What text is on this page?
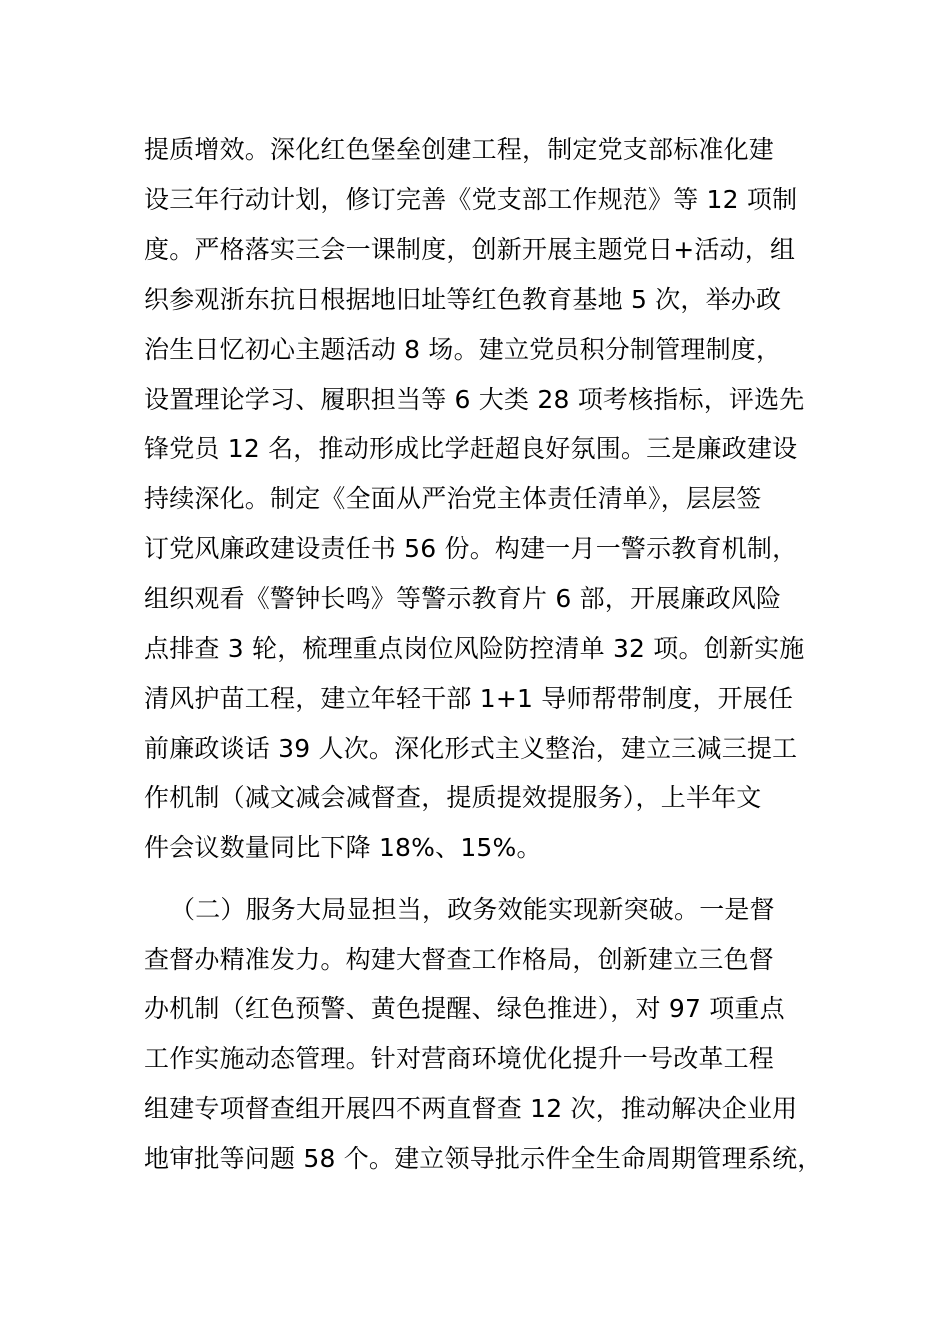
提质增效。深化红色堡垒创建工程，制定党支部标准化建
设三年行动计划，修订完善《党支部工作规范》等 12 项制
度。严格落实三会一课制度，创新开展主题党日+活动，组
织参观浙东抗日根据地旧址等红色教育基地 5 次，举办政
治生日忆初心主题活动 8 场。建立党员积分制管理制度，
设置理论学习、履职担当等 6 大类 28 项考核指标，评选先
锋党员 12 名，推动形成比学赶超良好氛围。三是廉政建设
持续深化。制定《全面从严治党主体责任清单》，层层签
订党风廉政建设责任书 56 份。构建一月一警示教育机制，
组织观看《警钟长鸣》等警示教育片 6 部，开展廉政风险
点排查 3 轮，梳理重点岗位风险防控清单 32 项。创新实施
清风护苗工程，建立年轻干部 1+1 导师帮带制度，开展任
前廉政谈话 39 人次。深化形式主义整治，建立三减三提工
作机制（减文减会减督查，提质提效提服务），上半年文
件会议数量同比下降 18%、15%。
（二）服务大局显担当，政务效能实现新突破。一是督
查督办精准发力。构建大督查工作格局，创新建立三色督
办机制（红色预警、黄色提醒、绿色推进），对 97 项重点
工作实施动态管理。针对营商环境优化提升一号改革工程
组建专项督查组开展四不两直督查 12 次，推动解决企业用
地审批等问题 58 个。建立领导批示件全生命周期管理系统，
